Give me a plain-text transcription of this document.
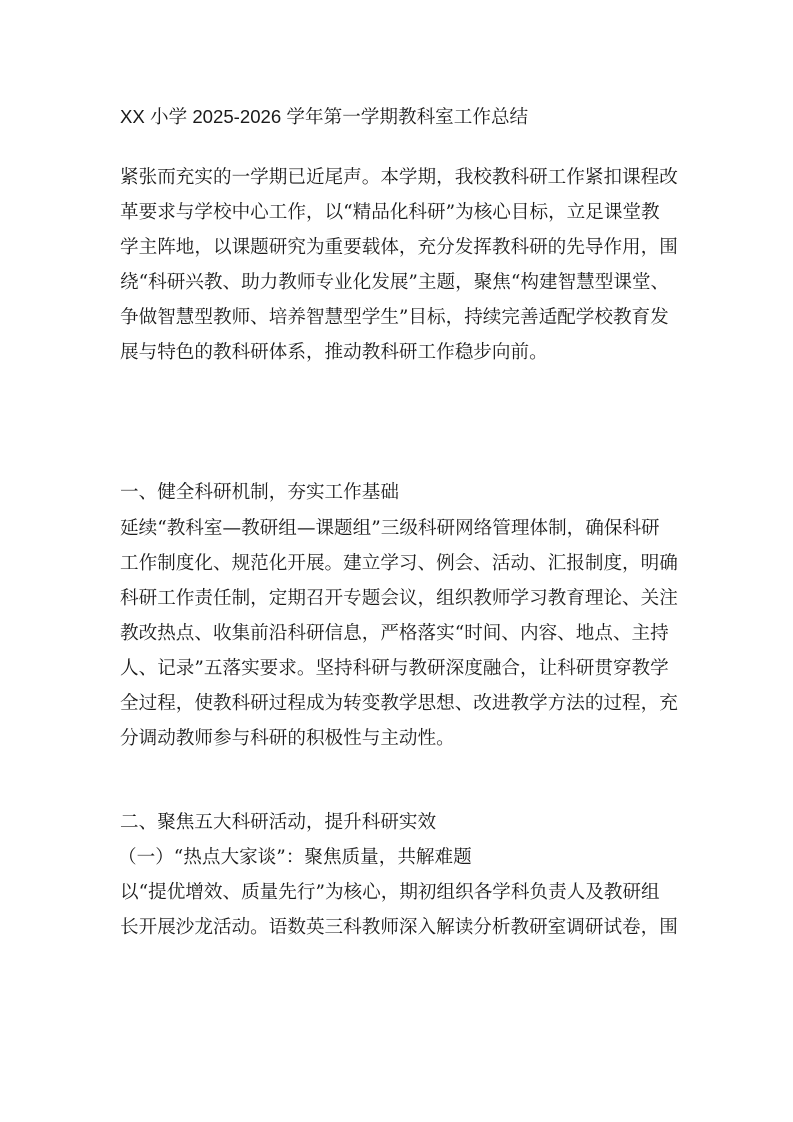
XX 小学 2025-2026 学年第一学期教科室工作总结
紧张而充实的一学期已近尾声。本学期，我校教科研工作紧扣课程改
革要求与学校中心工作，以“精品化科研”为核心目标，立足课堂教
学主阵地，以课题研究为重要载体，充分发挥教科研的先导作用，围
绕“科研兴教、助力教师专业化发展”主题，聚焦“构建智慧型课堂、
争做智慧型教师、培养智慧型学生”目标，持续完善适配学校教育发
展与特色的教科研体系，推动教科研工作稳步向前。
一、健全科研机制，夯实工作基础
延续“教科室—教研组—课题组”三级科研网络管理体制，确保科研
工作制度化、规范化开展。建立学习、例会、活动、汇报制度，明确
科研工作责任制，定期召开专题会议，组织教师学习教育理论、关注
教改热点、收集前沿科研信息，严格落实“时间、内容、地点、主持
人、记录”五落实要求。坚持科研与教研深度融合，让科研贯穿教学
全过程，使教科研过程成为转变教学思想、改进教学方法的过程，充
分调动教师参与科研的积极性与主动性。
二、聚焦五大科研活动，提升科研实效
（一）“热点大家谈”：聚焦质量，共解难题
以“提优增效、质量先行”为核心，期初组织各学科负责人及教研组
长开展沙龙活动。语数英三科教师深入解读分析教研室调研试卷，围
